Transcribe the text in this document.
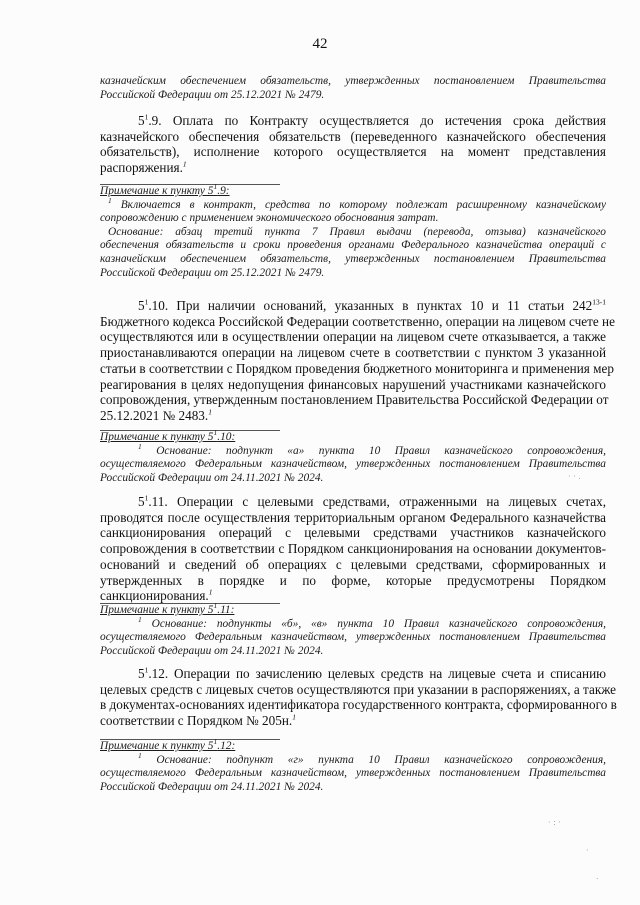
42
казначейским обеспечением обязательств, утвержденных постановлением Правительства
Российской Федерации от 25.12.2021 № 2479.
$5^1.9$. Оплата по Контракту осуществляется до истечения срока действия
казначейского обеспечения обязательств (переведенного казначейского обеспечения
обязательств), исполнение которого осуществляется на момент представления
распоряжения.$^1$
Примечание к пункту $5^1.9$:
$^1$ Включается в контракт, средства по которому подлежат расширенному казначейскому
сопровождению с применением экономического обоснования затрат.
Основание: абзац третий пункта 7 Правил выдачи (перевода, отзыва) казначейского
обеспечения обязательств и сроки проведения органами Федерального казначейства операций с
казначейским обеспечением обязательств, утвержденных постановлением Правительства
Российской Федерации от 25.12.2021 № 2479.
$5^1.10$. При наличии оснований, указанных в пунктах 10 и 11 статьи 242$^{13-1}$
Бюджетного кодекса Российской Федерации соответственно, операции на лицевом счете не
осуществляются или в осуществлении операции на лицевом счете отказывается, а также
приостанавливаются операции на лицевом счете в соответствии с пунктом 3 указанной
статьи в соответствии с Порядком проведения бюджетного мониторинга и применения мер
реагирования в целях недопущения финансовых нарушений участниками казначейского
сопровождения, утвержденным постановлением Правительства Российской Федерации от
25.12.2021 № 2483.$^1$
Примечание к пункту $5^1.10$:
$^1$ Основание: подпункт «а» пункта 10 Правил казначейского сопровождения,
осуществляемого Федеральным казначейством, утвержденных постановлением Правительства
Российской Федерации от 24.11.2021 № 2024.
$5^1.11$. Операции с целевыми средствами, отраженными на лицевых счетах,
проводятся после осуществления территориальным органом Федерального казначейства
санкционирования операций с целевыми средствами участников казначейского
сопровождения в соответствии с Порядком санкционирования на основании документов-
оснований и сведений об операциях с целевыми средствами, сформированных и
утвержденных в порядке и по форме, которые предусмотрены Порядком
санкционирования.$^1$
Примечание к пункту $5^1.11$:
$^1$ Основание: подпункты «б», «в» пункта 10 Правил казначейского сопровождения,
осуществляемого Федеральным казначейством, утвержденных постановлением Правительства
Российской Федерации от 24.11.2021 № 2024.
$5^1.12$. Операции по зачислению целевых средств на лицевые счета и списанию
целевых средств с лицевых счетов осуществляются при указании в распоряжениях, а также
в документах-основаниях идентификатора государственного контракта, сформированного в
соответствии с Порядком № 205н.$^1$
Примечание к пункту $5^1.12$:
$^1$ Основание: подпункт «г» пункта 10 Правил казначейского сопровождения,
осуществляемого Федеральным казначейством, утвержденных постановлением Правительства
Российской Федерации от 24.11.2021 № 2024.
· · .
· : ·
·
.
